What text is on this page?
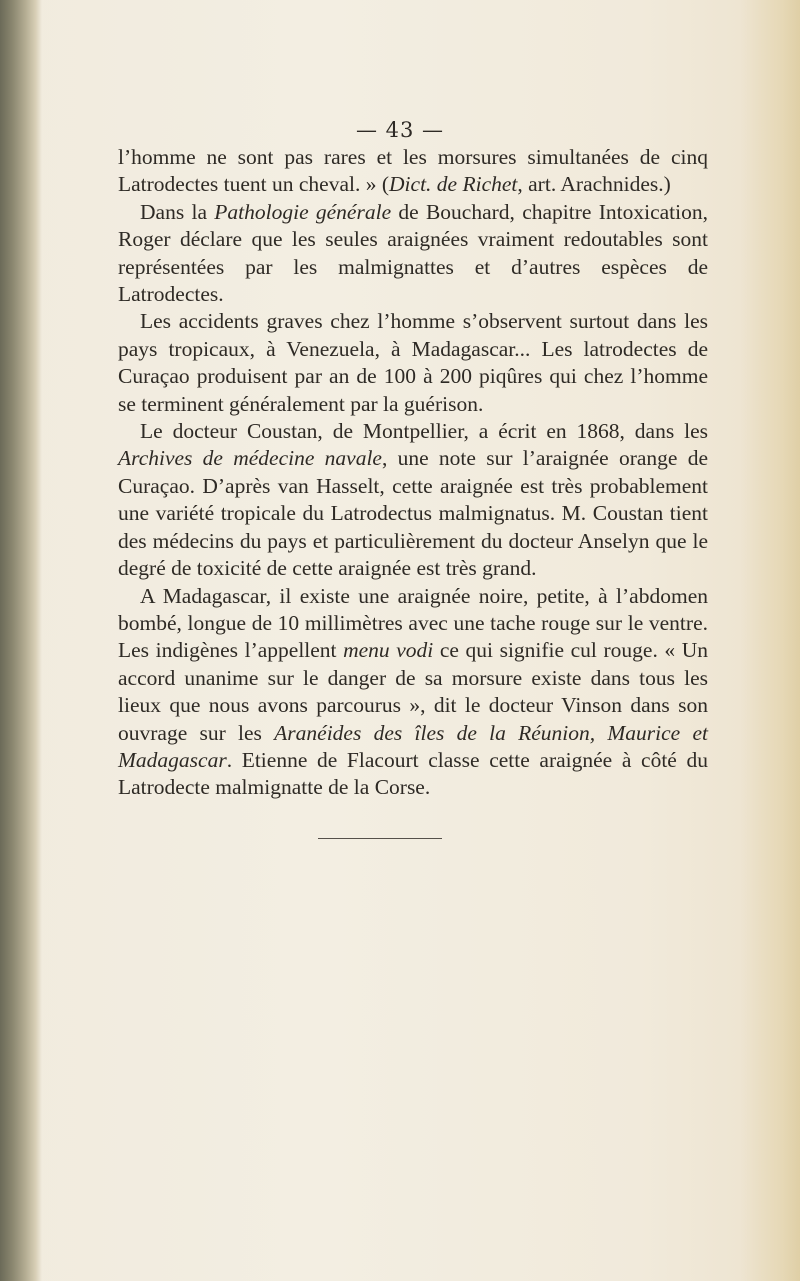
— 43 —

l’homme ne sont pas rares et les morsures simultanées de cinq Latrodectes tuent un cheval. » (Dict. de Richet, art. Arachnides.)

Dans la Pathologie générale de Bouchard, chapitre Intoxication, Roger déclare que les seules araignées vraiment redoutables sont représentées par les malmignattes et d’autres espèces de Latrodectes.

Les accidents graves chez l’homme s’observent surtout dans les pays tropicaux, à Venezuela, à Madagascar... Les latrodectes de Curaçao produisent par an de 100 à 200 piqûres qui chez l’homme se terminent généralement par la guérison.

Le docteur Coustan, de Montpellier, a écrit en 1868, dans les Archives de médecine navale, une note sur l’araignée orange de Curaçao. D’après van Hasselt, cette araignée est très probablement une variété tropicale du Latrodectus malmignatus. M. Coustan tient des médecins du pays et particulièrement du docteur Anselyn que le degré de toxicité de cette araignée est très grand.

A Madagascar, il existe une araignée noire, petite, à l’abdomen bombé, longue de 10 millimètres avec une tache rouge sur le ventre. Les indigènes l’appellent menu vodi ce qui signifie cul rouge. « Un accord unanime sur le danger de sa morsure existe dans tous les lieux que nous avons parcourus », dit le docteur Vinson dans son ouvrage sur les Aranéides des îles de la Réunion, Maurice et Madagascar. Etienne de Flacourt classe cette araignée à côté du Latrodecte malmignatte de la Corse.
